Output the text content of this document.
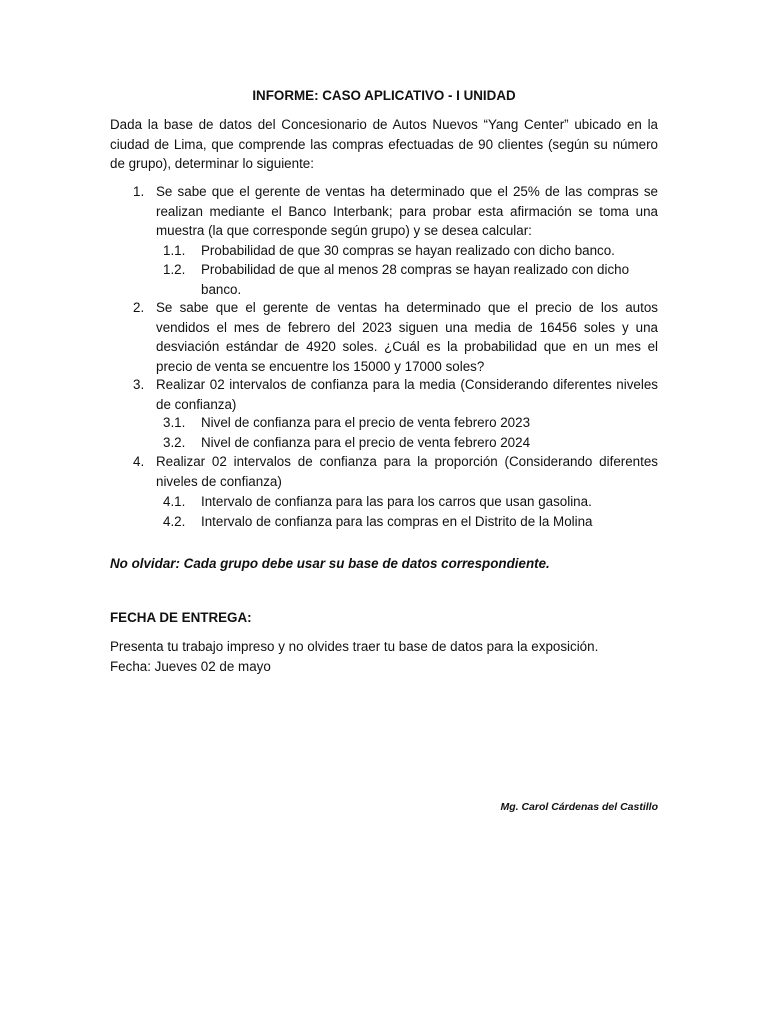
INFORME: CASO APLICATIVO - I UNIDAD
Dada la base de datos del Concesionario de Autos Nuevos “Yang Center” ubicado en la ciudad de Lima, que comprende las compras efectuadas de 90 clientes (según su número de grupo), determinar lo siguiente:
1. Se sabe que el gerente de ventas ha determinado que el 25% de las compras se realizan mediante el Banco Interbank; para probar esta afirmación se toma una muestra (la que corresponde según grupo) y se desea calcular:
1.1. Probabilidad de que 30 compras se hayan realizado con dicho banco.
1.2. Probabilidad de que al menos 28 compras se hayan realizado con dicho banco.
2. Se sabe que el gerente de ventas ha determinado que el precio de los autos vendidos el mes de febrero del 2023 siguen una media de 16456 soles y una desviación estándar de 4920 soles. ¿Cuál es la probabilidad que en un mes el precio de venta se encuentre los 15000 y 17000 soles?
3. Realizar 02 intervalos de confianza para la media (Considerando diferentes niveles de confianza)
3.1. Nivel de confianza para el precio de venta febrero 2023
3.2. Nivel de confianza para el precio de venta febrero 2024
4. Realizar 02 intervalos de confianza para la proporción (Considerando diferentes niveles de confianza)
4.1. Intervalo de confianza para las para los carros que usan gasolina.
4.2. Intervalo de confianza para las compras en el Distrito de la Molina
No olvidar: Cada grupo debe usar su base de datos correspondiente.
FECHA DE ENTREGA:
Presenta tu trabajo impreso y no olvides traer tu base de datos para la exposición.
Fecha: Jueves 02 de mayo
Mg. Carol Cárdenas del Castillo
